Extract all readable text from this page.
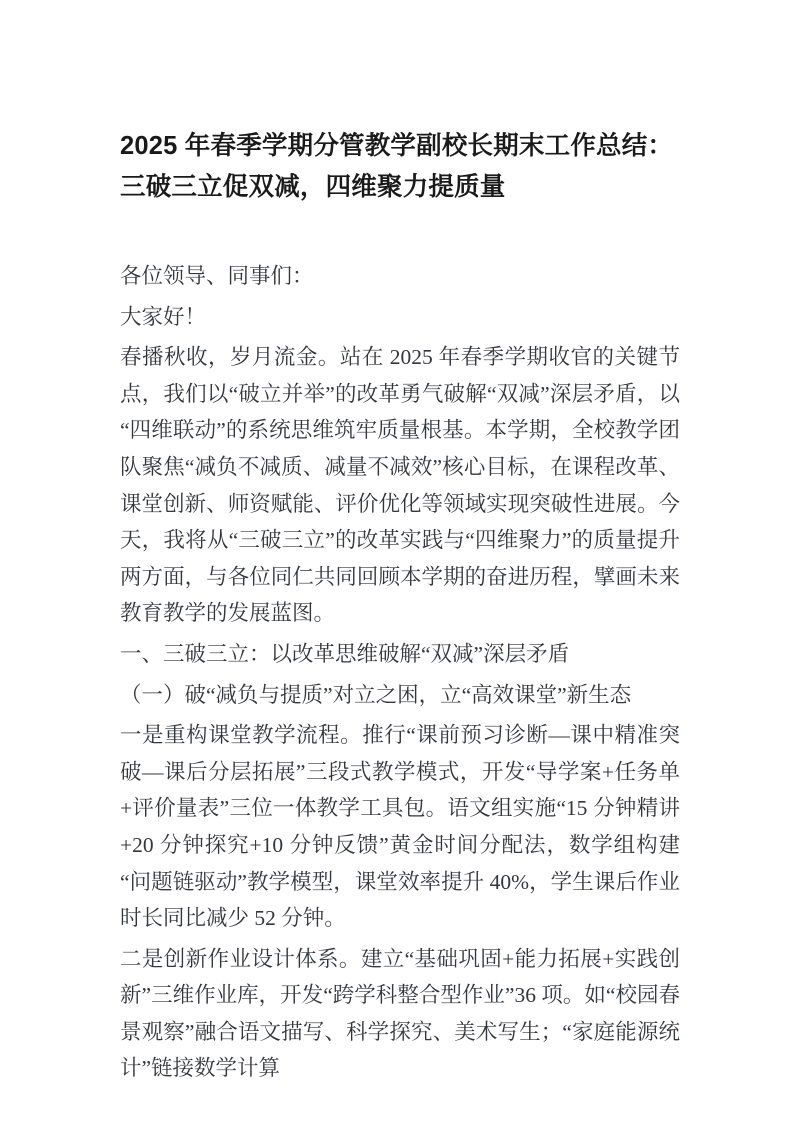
2025 年春季学期分管教学副校长期末工作总结：三破三立促双减，四维聚力提质量

各位领导、同事们：

大家好！

春播秋收，岁月流金。站在 2025 年春季学期收官的关键节点，我们以“破立并举”的改革勇气破解“双减”深层矛盾，以“四维联动”的系统思维筑牢质量根基。本学期，全校教学团队聚焦“减负不减质、减量不减效”核心目标，在课程改革、课堂创新、师资赋能、评价优化等领域实现突破性进展。今天，我将从“三破三立”的改革实践与“四维聚力”的质量提升两方面，与各位同仁共同回顾本学期的奋进历程，擘画未来教育教学的发展蓝图。

一、三破三立：以改革思维破解“双减”深层矛盾

（一）破“减负与提质”对立之困，立“高效课堂”新生态

一是重构课堂教学流程。推行“课前预习诊断—课中精准突破—课后分层拓展”三段式教学模式，开发“导学案+任务单+评价量表”三位一体教学工具包。语文组实施“15 分钟精讲+20 分钟探究+10 分钟反馈”黄金时间分配法，数学组构建“问题链驱动”教学模型，课堂效率提升 40%，学生课后作业时长同比减少 52 分钟。

二是创新作业设计体系。建立“基础巩固+能力拓展+实践创新”三维作业库，开发“跨学科整合型作业”36 项。如“校园春景观察”融合语文描写、科学探究、美术写生；“家庭能源统计”链接数学计算
